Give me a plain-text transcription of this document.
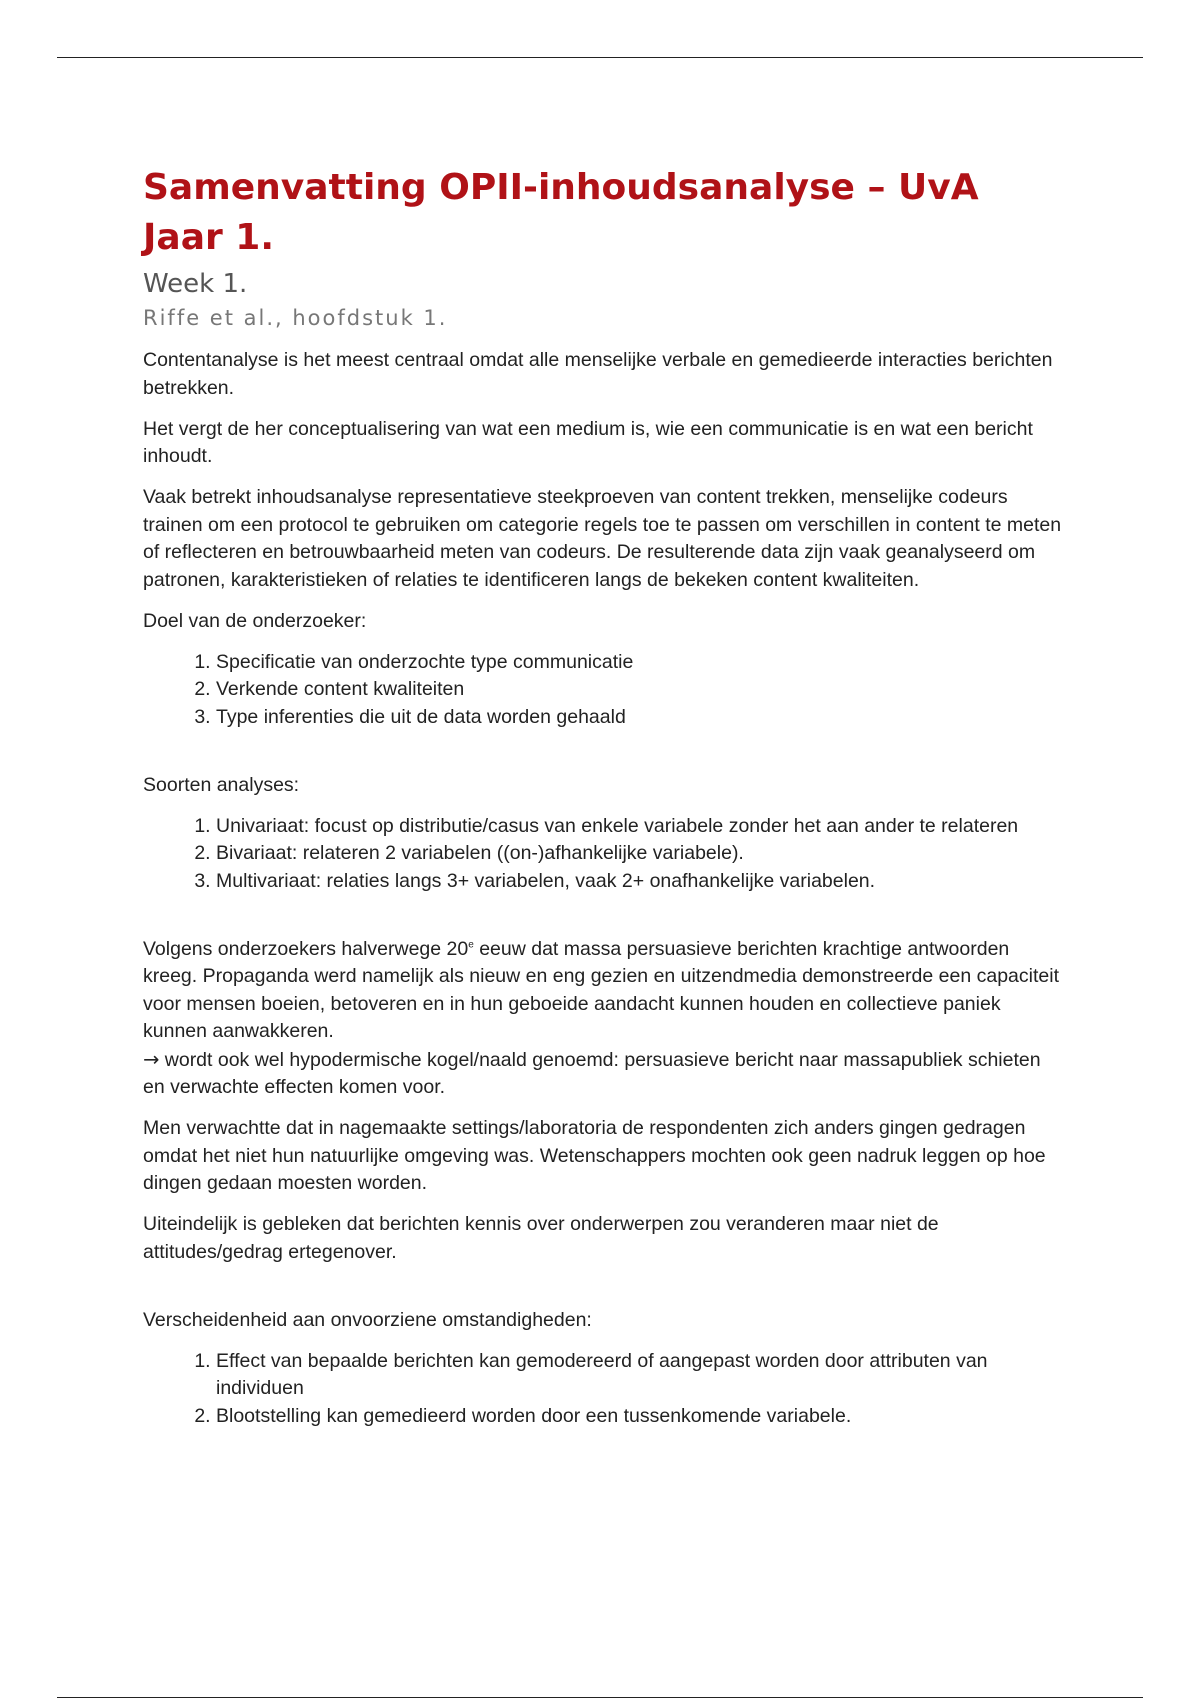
Samenvatting OPII-inhoudsanalyse – UvA Jaar 1.
Week 1.
Riffe et al., hoofdstuk 1.

Contentanalyse is het meest centraal omdat alle menselijke verbale en gemedieerde interacties berichten betrekken.

Het vergt de her conceptualisering van wat een medium is, wie een communicatie is en wat een bericht inhoudt.

Vaak betrekt inhoudsanalyse representatieve steekproeven van content trekken, menselijke codeurs trainen om een protocol te gebruiken om categorie regels toe te passen om verschillen in content te meten of reflecteren en betrouwbaarheid meten van codeurs. De resulterende data zijn vaak geanalyseerd om patronen, karakteristieken of relaties te identificeren langs de bekeken content kwaliteiten.

Doel van de onderzoeker:

1. Specificatie van onderzochte type communicatie
2. Verkende content kwaliteiten
3. Type inferenties die uit de data worden gehaald

Soorten analyses:

1. Univariaat: focust op distributie/casus van enkele variabele zonder het aan ander te relateren
2. Bivariaat: relateren 2 variabelen ((on-)afhankelijke variabele).
3. Multivariaat: relaties langs 3+ variabelen, vaak 2+ onafhankelijke variabelen.

Volgens onderzoekers halverwege 20e eeuw dat massa persuasieve berichten krachtige antwoorden kreeg. Propaganda werd namelijk als nieuw en eng gezien en uitzendmedia demonstreerde een capaciteit voor mensen boeien, betoveren en in hun geboeide aandacht kunnen houden en collectieve paniek kunnen aanwakkeren.
→ wordt ook wel hypodermische kogel/naald genoemd: persuasieve bericht naar massapubliek schieten en verwachte effecten komen voor.

Men verwachtte dat in nagemaakte settings/laboratoria de respondenten zich anders gingen gedragen omdat het niet hun natuurlijke omgeving was. Wetenschappers mochten ook geen nadruk leggen op hoe dingen gedaan moesten worden.

Uiteindelijk is gebleken dat berichten kennis over onderwerpen zou veranderen maar niet de attitudes/gedrag ertegenover.

Verscheidenheid aan onvoorziene omstandigheden:

1. Effect van bepaalde berichten kan gemodereerd of aangepast worden door attributen van individuen
2. Blootstelling kan gemedieerd worden door een tussenkomende variabele.
